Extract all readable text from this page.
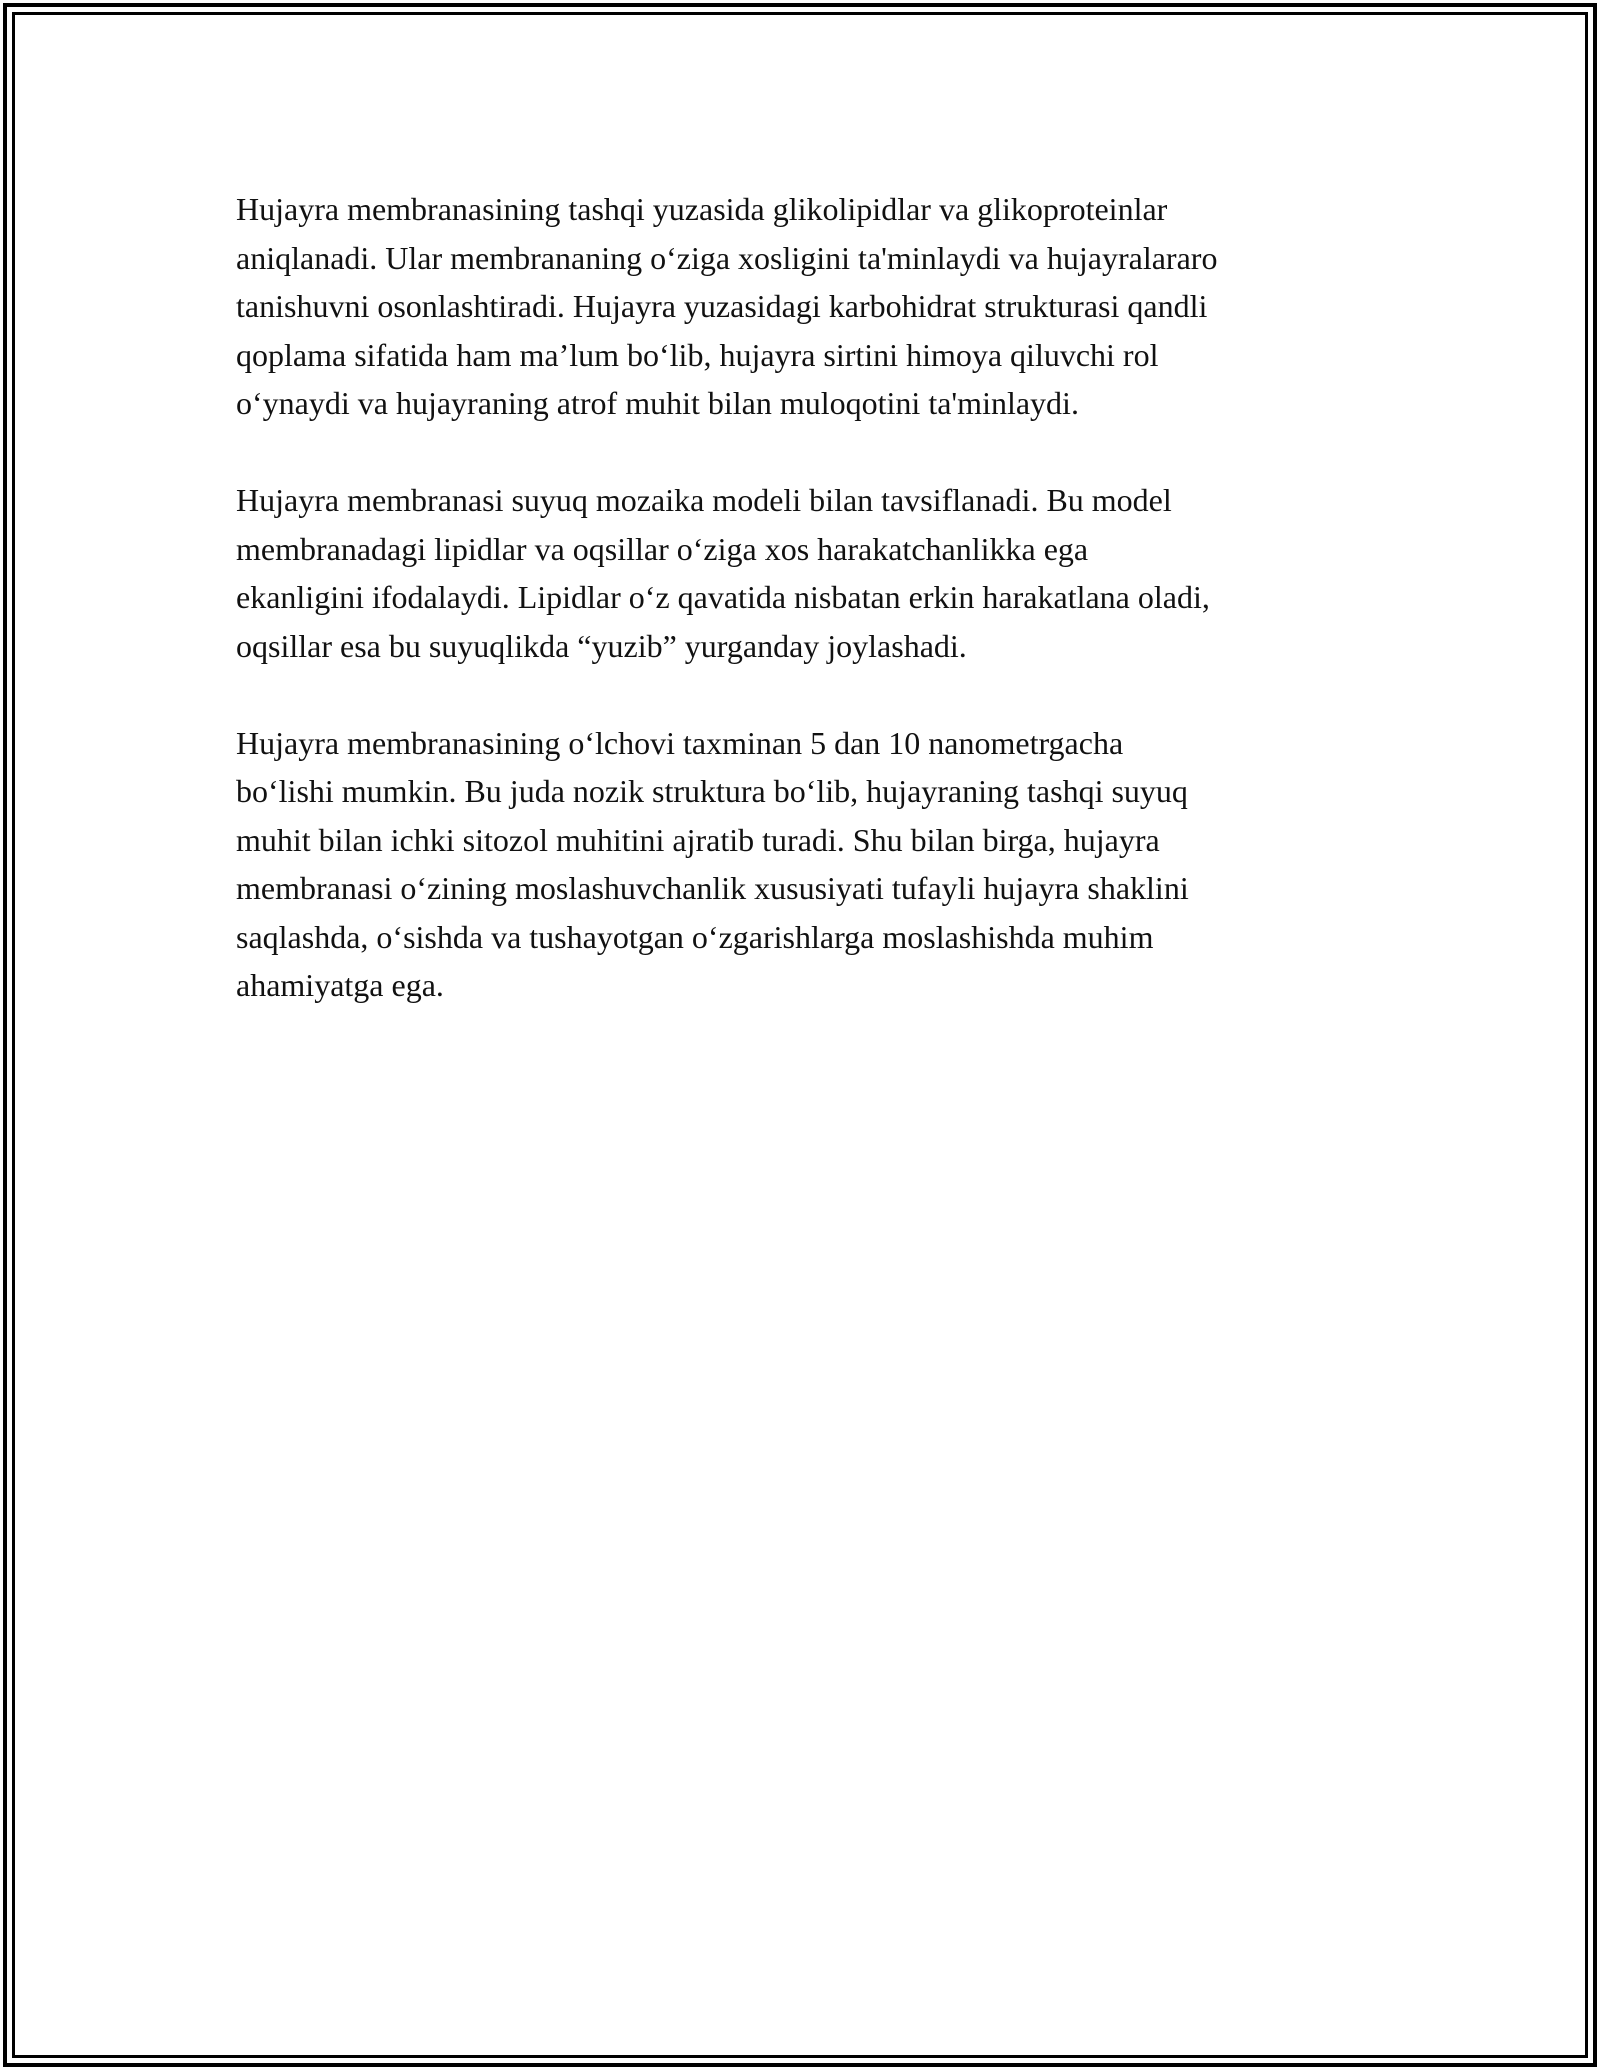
Hujayra membranasining tashqi yuzasida glikolipidlar va glikoproteinlar
aniqlanadi. Ular membrananing o‘ziga xosligini ta'minlaydi va hujayralararo
tanishuvni osonlashtiradi. Hujayra yuzasidagi karbohidrat strukturasi qandli
qoplama sifatida ham ma’lum bo‘lib, hujayra sirtini himoya qiluvchi rol
o‘ynaydi va hujayraning atrof muhit bilan muloqotini ta'minlaydi.

Hujayra membranasi suyuq mozaika modeli bilan tavsiflanadi. Bu model
membranadagi lipidlar va oqsillar o‘ziga xos harakatchanlikka ega
ekanligini ifodalaydi. Lipidlar o‘z qavatida nisbatan erkin harakatlana oladi,
oqsillar esa bu suyuqlikda “yuzib” yurganday joylashadi.

Hujayra membranasining o‘lchovi taxminan 5 dan 10 nanometrgacha
bo‘lishi mumkin. Bu juda nozik struktura bo‘lib, hujayraning tashqi suyuq
muhit bilan ichki sitozol muhitini ajratib turadi. Shu bilan birga, hujayra
membranasi o‘zining moslashuvchanlik xususiyati tufayli hujayra shaklini
saqlashda, o‘sishda va tushayotgan o‘zgarishlarga moslashishda muhim
ahamiyatga ega.
